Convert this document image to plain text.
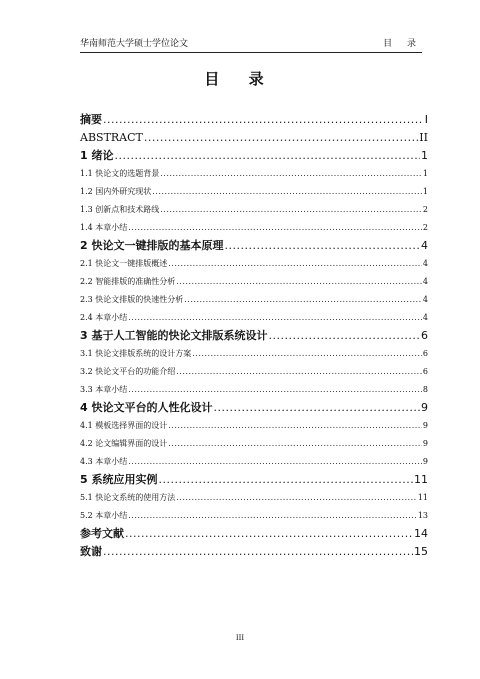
华南师范大学硕士学位论文	目 录
目 录
摘要 .....	I
ABSTRACT .....	II
1 绪论 .....	1
1.1 快论文的选题背景 .....	1
1.2 国内外研究现状 .....	1
1.3 创新点和技术路线 .....	2
1.4 本章小结 .....	2
2 快论文一键排版的基本原理 .....	4
2.1 快论文一键排版概述 .....	4
2.2 智能排版的准确性分析 .....	4
2.3 快论文排版的快速性分析 .....	4
2.4 本章小结 .....	4
3 基于人工智能的快论文排版系统设计 .....	6
3.1 快论文排版系统的设计方案 .....	6
3.2 快论文平台的功能介绍 .....	6
3.3 本章小结 .....	8
4 快论文平台的人性化设计 .....	9
4.1 模板选择界面的设计 .....	9
4.2 论文编辑界面的设计 .....	9
4.3 本章小结 .....	9
5 系统应用实例 .....	11
5.1 快论文系统的使用方法 .....	11
5.2 本章小结 .....	13
参考文献 .....	14
致谢 .....	15
III
